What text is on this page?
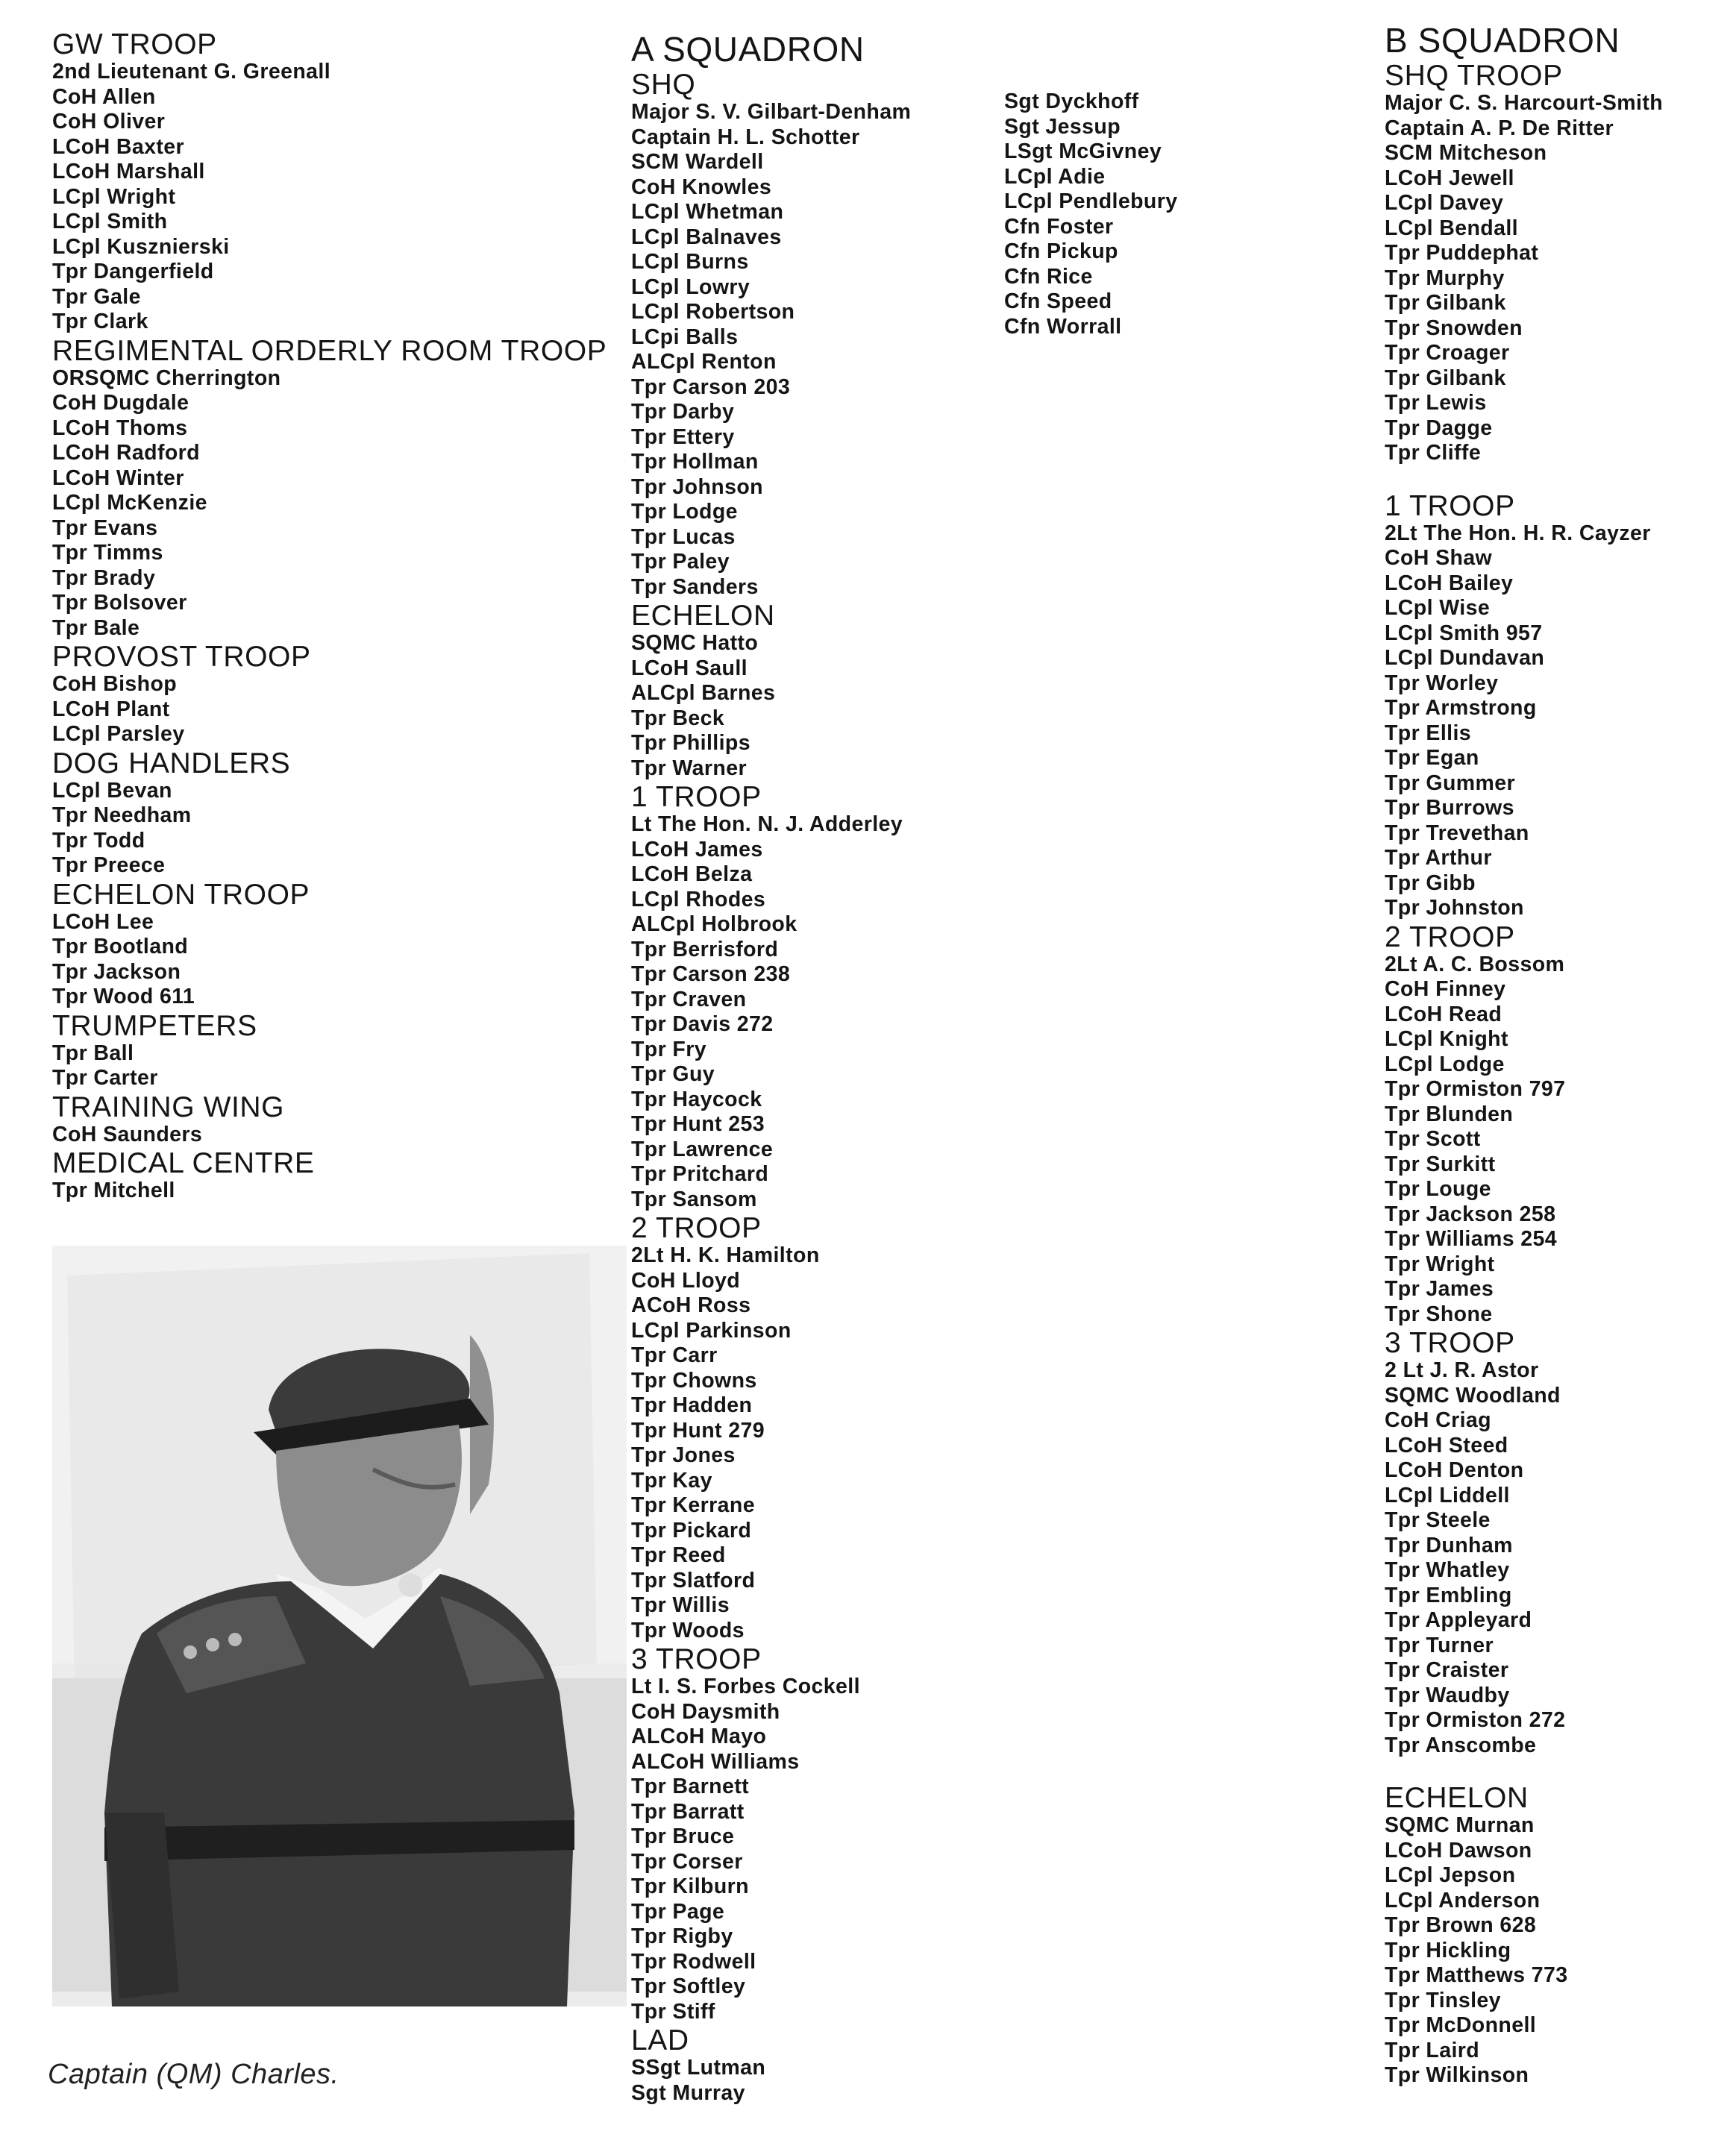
GW TROOP
2nd Lieutenant G. Greenall
CoH Allen
CoH Oliver
LCoH Baxter
LCoH Marshall
LCpl Wright
LCpl Smith
LCpl Kusznierski
Tpr Dangerfield
Tpr Gale
Tpr Clark
REGIMENTAL ORDERLY ROOM TROOP
ORSQMC Cherrington
CoH Dugdale
LCoH Thoms
LCoH Radford
LCoH Winter
LCpl McKenzie
Tpr Evans
Tpr Timms
Tpr Brady
Tpr Bolsover
Tpr Bale
PROVOST TROOP
CoH Bishop
LCoH Plant
LCpl Parsley
DOG HANDLERS
LCpl Bevan
Tpr Needham
Tpr Todd
Tpr Preece
ECHELON TROOP
LCoH Lee
Tpr Bootland
Tpr Jackson
Tpr Wood 611
TRUMPETERS
Tpr Ball
Tpr Carter
TRAINING WING
CoH Saunders
MEDICAL CENTRE
Tpr Mitchell
A SQUADRON
SHQ
Major S. V. Gilbart-Denham
Captain H. L. Schotter
SCM Wardell
CoH Knowles
LCpl Whetman
LCpl Balnaves
LCpl Burns
LCpl Lowry
LCpl Robertson
LCpi Balls
ALCpl Renton
Tpr Carson 203
Tpr Darby
Tpr Ettery
Tpr Hollman
Tpr Johnson
Tpr Lodge
Tpr Lucas
Tpr Paley
Tpr Sanders
ECHELON
SQMC Hatto
LCoH Saull
ALCpl Barnes
Tpr Beck
Tpr Phillips
Tpr Warner
1 TROOP
Lt The Hon. N. J. Adderley
LCoH James
LCoH Belza
LCpl Rhodes
ALCpl Holbrook
Tpr Berrisford
Tpr Carson 238
Tpr Craven
Tpr Davis 272
Tpr Fry
Tpr Guy
Tpr Haycock
Tpr Hunt 253
Tpr Lawrence
Tpr Pritchard
Tpr Sansom
2 TROOP
2Lt H. K. Hamilton
CoH Lloyd
ACoH Ross
LCpl Parkinson
Tpr Carr
Tpr Chowns
Tpr Hadden
Tpr Hunt 279
Tpr Jones
Tpr Kay
Tpr Kerrane
Tpr Pickard
Tpr Reed
Tpr Slatford
Tpr Willis
Tpr Woods
3 TROOP
Lt I. S. Forbes Cockell
CoH Daysmith
ALCoH Mayo
ALCoH Williams
Tpr Barnett
Tpr Barratt
Tpr Bruce
Tpr Corser
Tpr Kilburn
Tpr Page
Tpr Rigby
Tpr Rodwell
Tpr Softley
Tpr Stiff
LAD
SSgt Lutman
Sgt Murray
Sgt Dyckhoff
Sgt Jessup
LSgt McGivney
LCpl Adie
LCpl Pendlebury
Cfn Foster
Cfn Pickup
Cfn Rice
Cfn Speed
Cfn Worrall
B SQUADRON
SHQ TROOP
Major C. S. Harcourt-Smith
Captain A. P. De Ritter
SCM Mitcheson
LCoH Jewell
LCpl Davey
LCpl Bendall
Tpr Puddephat
Tpr Murphy
Tpr Gilbank
Tpr Snowden
Tpr Croager
Tpr Gilbank
Tpr Lewis
Tpr Dagge
Tpr Cliffe
1 TROOP
2Lt The Hon. H. R. Cayzer
CoH Shaw
LCoH Bailey
LCpl Wise
LCpl Smith 957
LCpl Dundavan
Tpr Worley
Tpr Armstrong
Tpr Ellis
Tpr Egan
Tpr Gummer
Tpr Burrows
Tpr Trevethan
Tpr Arthur
Tpr Gibb
Tpr Johnston
2 TROOP
2Lt A. C. Bossom
CoH Finney
LCoH Read
LCpl Knight
LCpl Lodge
Tpr Ormiston 797
Tpr Blunden
Tpr Scott
Tpr Surkitt
Tpr Louge
Tpr Jackson 258
Tpr Williams 254
Tpr Wright
Tpr James
Tpr Shone
3 TROOP
2 Lt J. R. Astor
SQMC Woodland
CoH Criag
LCoH Steed
LCoH Denton
LCpl Liddell
Tpr Steele
Tpr Dunham
Tpr Whatley
Tpr Embling
Tpr Appleyard
Tpr Turner
Tpr Craister
Tpr Waudby
Tpr Ormiston 272
Tpr Anscombe
ECHELON
SQMC Murnan
LCoH Dawson
LCpl Jepson
LCpl Anderson
Tpr Brown 628
Tpr Hickling
Tpr Matthews 773
Tpr Tinsley
Tpr McDonnell
Tpr Laird
Tpr Wilkinson
Captain (QM) Charles.
